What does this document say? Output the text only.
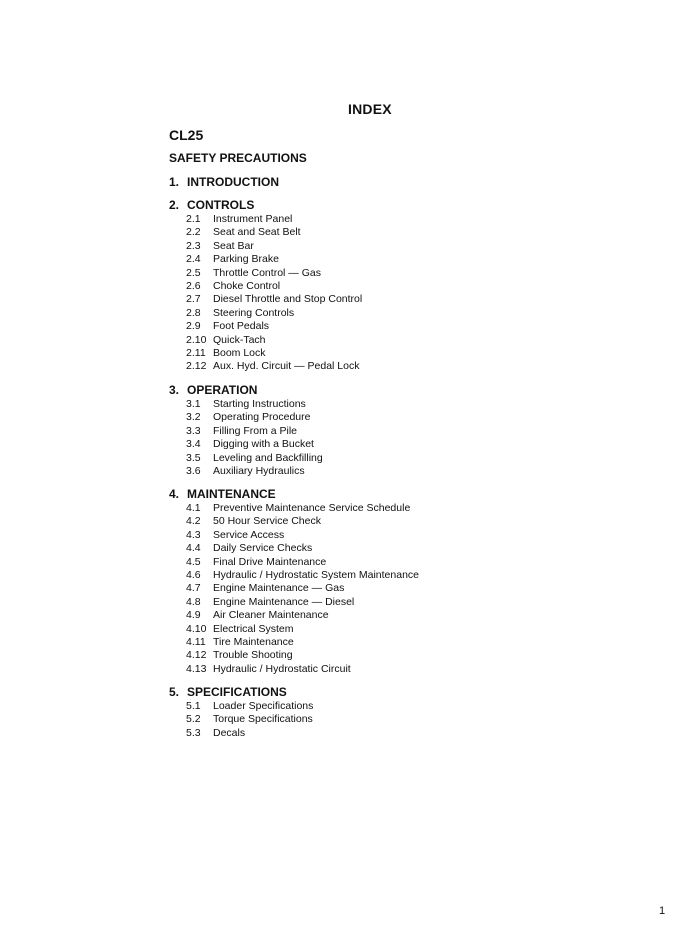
INDEX
CL25
SAFETY PRECAUTIONS
1. INTRODUCTION
2. CONTROLS
2.1	Instrument Panel
2.2	Seat and Seat Belt
2.3	Seat Bar
2.4	Parking Brake
2.5	Throttle Control — Gas
2.6	Choke Control
2.7	Diesel Throttle and Stop Control
2.8	Steering Controls
2.9	Foot Pedals
2.10 Quick-Tach
2.11 Boom Lock
2.12 Aux. Hyd. Circuit — Pedal Lock
3. OPERATION
3.1	Starting Instructions
3.2	Operating Procedure
3.3	Filling From a Pile
3.4	Digging with a Bucket
3.5	Leveling and Backfilling
3.6	Auxiliary Hydraulics
4. MAINTENANCE
4.1	Preventive Maintenance Service Schedule
4.2	50 Hour Service Check
4.3	Service Access
4.4	Daily Service Checks
4.5	Final Drive Maintenance
4.6	Hydraulic / Hydrostatic System Maintenance
4.7	Engine Maintenance — Gas
4.8	Engine Maintenance — Diesel
4.9	Air Cleaner Maintenance
4.10 Electrical System
4.11 Tire Maintenance
4.12 Trouble Shooting
4.13 Hydraulic / Hydrostatic Circuit
5. SPECIFICATIONS
5.1	Loader Specifications
5.2	Torque Specifications
5.3	Decals
1
